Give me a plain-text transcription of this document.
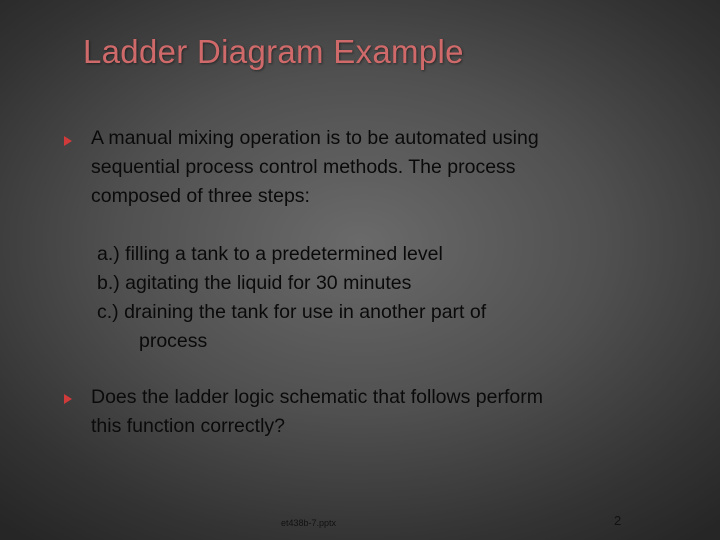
Ladder Diagram Example
A manual mixing operation is to be automated using
sequential process control methods. The process
composed of three steps:
a.) filling a tank to a predetermined level
b.) agitating the liquid for 30 minutes
c.) draining the tank for use in another part of
process
Does the ladder logic schematic that follows perform
this function correctly?
et438b-7.pptx	2
